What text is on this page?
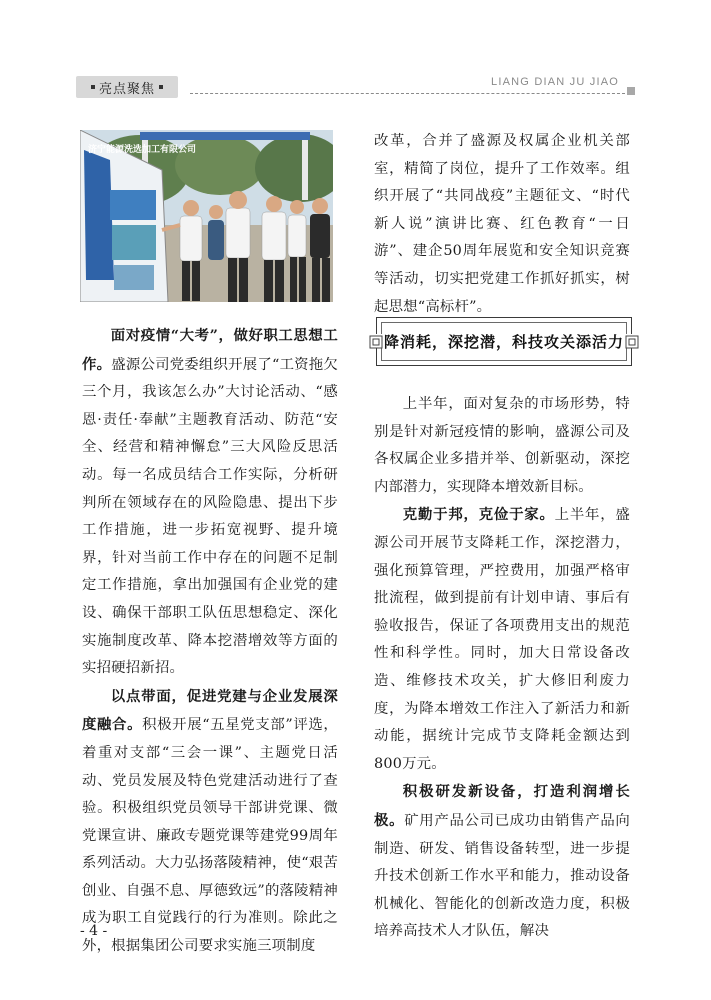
亮点聚焦	LIANG DIAN JU JIAO
济宁能源洗选加工有限公司

面对疫情“大考”，做好职工思想工作。盛源公司党委组织开展了“工资拖欠三个月，我该怎么办”大讨论活动、“感恩·责任·奉献”主题教育活动、防范“安全、经营和精神懈怠”三大风险反思活动。每一名成员结合工作实际，分析研判所在领域存在的风险隐患、提出下步工作措施，进一步拓宽视野、提升境界，针对当前工作中存在的问题不足制定工作措施，拿出加强国有企业党的建设、确保干部职工队伍思想稳定、深化实施制度改革、降本挖潜增效等方面的实招硬招新招。

以点带面，促进党建与企业发展深度融合。积极开展“五星党支部”评选，着重对支部“三会一课”、主题党日活动、党员发展及特色党建活动进行了查验。积极组织党员领导干部讲党课、微党课宣讲、廉政专题党课等建党99周年系列活动。大力弘扬落陵精神，使“艰苦创业、自强不息、厚德致远”的落陵精神成为职工自觉践行的行为准则。除此之外，根据集团公司要求实施三项制度

改革，合并了盛源及权属企业机关部室，精简了岗位，提升了工作效率。组织开展了“共同战疫”主题征文、“时代新人说”演讲比赛、红色教育“一日游”、建企50周年展览和安全知识竞赛等活动，切实把党建工作抓好抓实，树起思想“高标杆”。

降消耗，深挖潜，科技攻关添活力

上半年，面对复杂的市场形势，特别是针对新冠疫情的影响，盛源公司及各权属企业多措并举、创新驱动，深挖内部潜力，实现降本增效新目标。

克勤于邦，克俭于家。上半年，盛源公司开展节支降耗工作，深挖潜力，强化预算管理，严控费用，加强严格审批流程，做到提前有计划申请、事后有验收报告，保证了各项费用支出的规范性和科学性。同时，加大日常设备改造、维修技术攻关，扩大修旧利废力度，为降本增效工作注入了新活力和新动能，据统计完成节支降耗金额达到800万元。

积极研发新设备，打造利润增长极。矿用产品公司已成功由销售产品向制造、研发、销售设备转型，进一步提升技术创新工作水平和能力，推动设备机械化、智能化的创新改造力度，积极培养高技术人才队伍，解决

- 4 -
